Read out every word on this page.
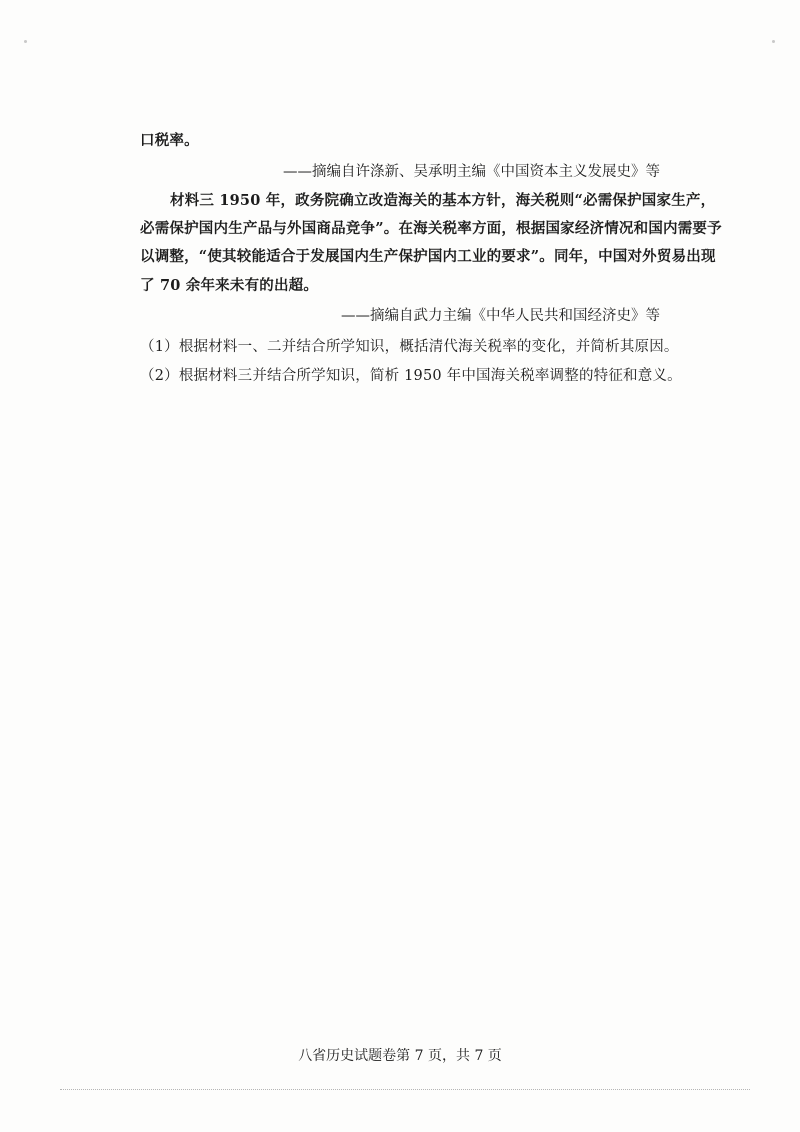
口税率。
——摘编自许涤新、吴承明主编《中国资本主义发展史》等
材料三 1950 年，政务院确立改造海关的基本方针，海关税则“必需保护国家生产，
必需保护国内生产品与外国商品竞争”。在海关税率方面，根据国家经济情况和国内需要予
以调整，“使其较能适合于发展国内生产保护国内工业的要求”。同年，中国对外贸易出现
了 70 余年来未有的出超。
——摘编自武力主编《中华人民共和国经济史》等
（1）根据材料一、二并结合所学知识，概括清代海关税率的变化，并简析其原因。
（2）根据材料三并结合所学知识，简析 1950 年中国海关税率调整的特征和意义。
八省历史试题卷第 7 页，共 7 页
